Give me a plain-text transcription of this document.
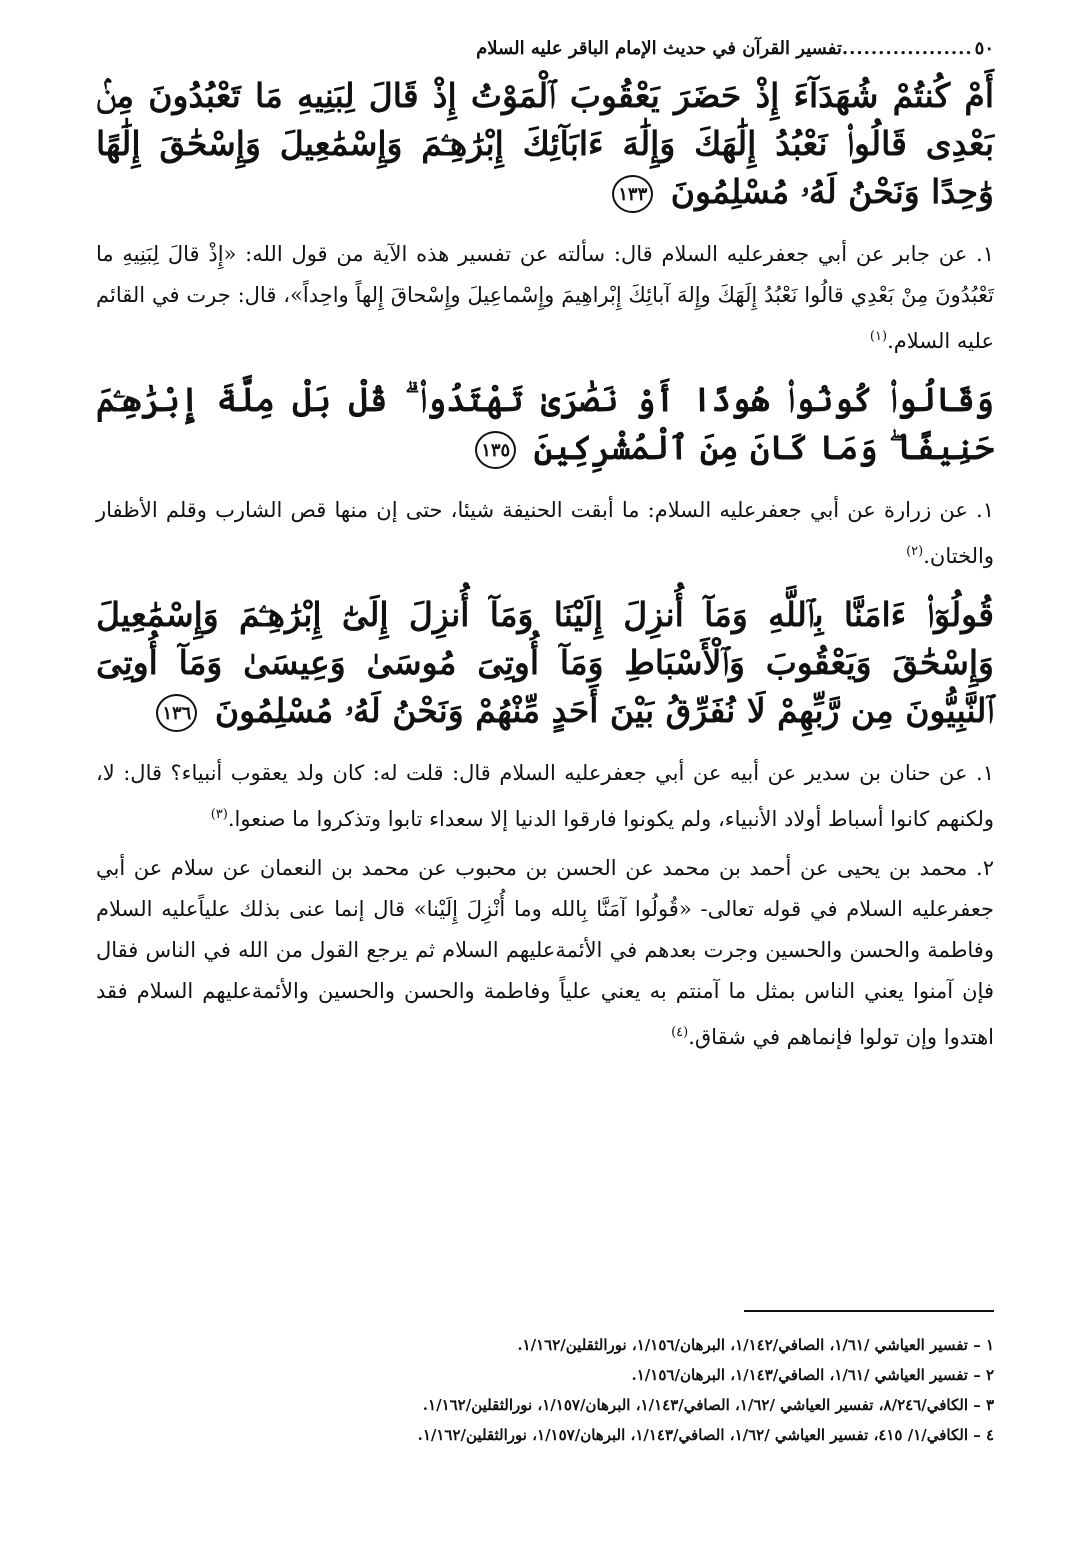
٥٠
..................
تفسير القرآن في حديث الإمام الباقر عليه السلام
أَمْ كُنتُمْ شُهَدَآءَ إِذْ حَضَرَ يَعْقُوبَ ٱلْمَوْتُ إِذْ قَالَ لِبَنِيهِ مَا تَعْبُدُونَ مِنۢ بَعْدِى قَالُوا۟ نَعْبُدُ إِلَٰهَكَ وَإِلَٰهَ ءَابَآئِكَ إِبْرَٰهِـۧمَ وَإِسْمَٰعِيلَ وَإِسْحَٰقَ إِلَٰهًا وَٰحِدًا وَنَحْنُ لَهُۥ مُسْلِمُونَ ١٣٣
١. عن جابر عن أبي جعفرعليه السلام قال: سألته عن تفسير هذه الآية من قول الله: «إِذْ قالَ لِبَنِيهِ ما تَعْبُدُونَ مِنْ بَعْدِي قالُوا نَعْبُدُ إِلَهَكَ وإِلهَ آبائِكَ إِبْراهِيمَ وإِسْماعِيلَ وإِسْحاقَ إِلهاً واحِداً»، قال: جرت في القائم عليه السلام.$^{(١)}$
وَقَالُوا۟ كُونُوا۟ هُودًا أَوْ نَصَٰرَىٰ تَهْتَدُوا۟ ۗ قُلْ بَلْ مِلَّةَ إِبْرَٰهِـۧمَ حَنِيفًا ۖ وَمَا كَانَ مِنَ ٱلْمُشْرِكِينَ ١٣٥
١. عن زرارة عن أبي جعفرعليه السلام: ما أبقت الحنيفة شيئا، حتى إن منها قص الشارب وقلم الأظفار والختان.$^{(٢)}$
قُولُوٓا۟ ءَامَنَّا بِٱللَّهِ وَمَآ أُنزِلَ إِلَيْنَا وَمَآ أُنزِلَ إِلَىٰٓ إِبْرَٰهِـۧمَ وَإِسْمَٰعِيلَ وَإِسْحَٰقَ وَيَعْقُوبَ وَٱلْأَسْبَاطِ وَمَآ أُوتِىَ مُوسَىٰ وَعِيسَىٰ وَمَآ أُوتِىَ ٱلنَّبِيُّونَ مِن رَّبِّهِمْ لَا نُفَرِّقُ بَيْنَ أَحَدٍ مِّنْهُمْ وَنَحْنُ لَهُۥ مُسْلِمُونَ ١٣٦
١. عن حنان بن سدير عن أبيه عن أبي جعفرعليه السلام قال: قلت له: كان ولد يعقوب أنبياء؟ قال: لا، ولكنهم كانوا أسباط أولاد الأنبياء، ولم يكونوا فارقوا الدنيا إلا سعداء تابوا وتذكروا ما صنعوا.$^{(٣)}$
٢. محمد بن يحيى عن أحمد بن محمد عن الحسن بن محبوب عن محمد بن النعمان عن سلام عن أبي جعفرعليه السلام في قوله تعالى- «قُولُوا آمَنَّا بِالله وما أُنْزِلَ إِلَيْنا» قال إنما عنى بذلك علياًعليه السلام وفاطمة والحسن والحسين وجرت بعدهم في الأئمةعليهم السلام ثم يرجع القول من الله في الناس فقال فإن آمنوا يعني الناس بمثل ما آمنتم به يعني علياً وفاطمة والحسن والحسين والأئمةعليهم السلام فقد اهتدوا وإن تولوا فإنماهم في شقاق.$^{(٤)}$
١ – تفسير العياشي /١/٦١، الصافي/١/١٤٢، البرهان/١/١٥٦، نورالثقلين/١/١٦٢.
٢ – تفسير العياشي /١/٦١، الصافي/١/١٤٣، البرهان/١/١٥٦.
٣ – الكافي/٨/٢٤٦، تفسير العياشي /١/٦٢، الصافي/١/١٤٣، البرهان/١/١٥٧، نورالثقلين/١/١٦٢.
٤ – الكافي/١/ ٤١٥، تفسير العياشي /١/٦٢، الصافي/١/١٤٣، البرهان/١/١٥٧، نورالثقلين/١/١٦٢.
